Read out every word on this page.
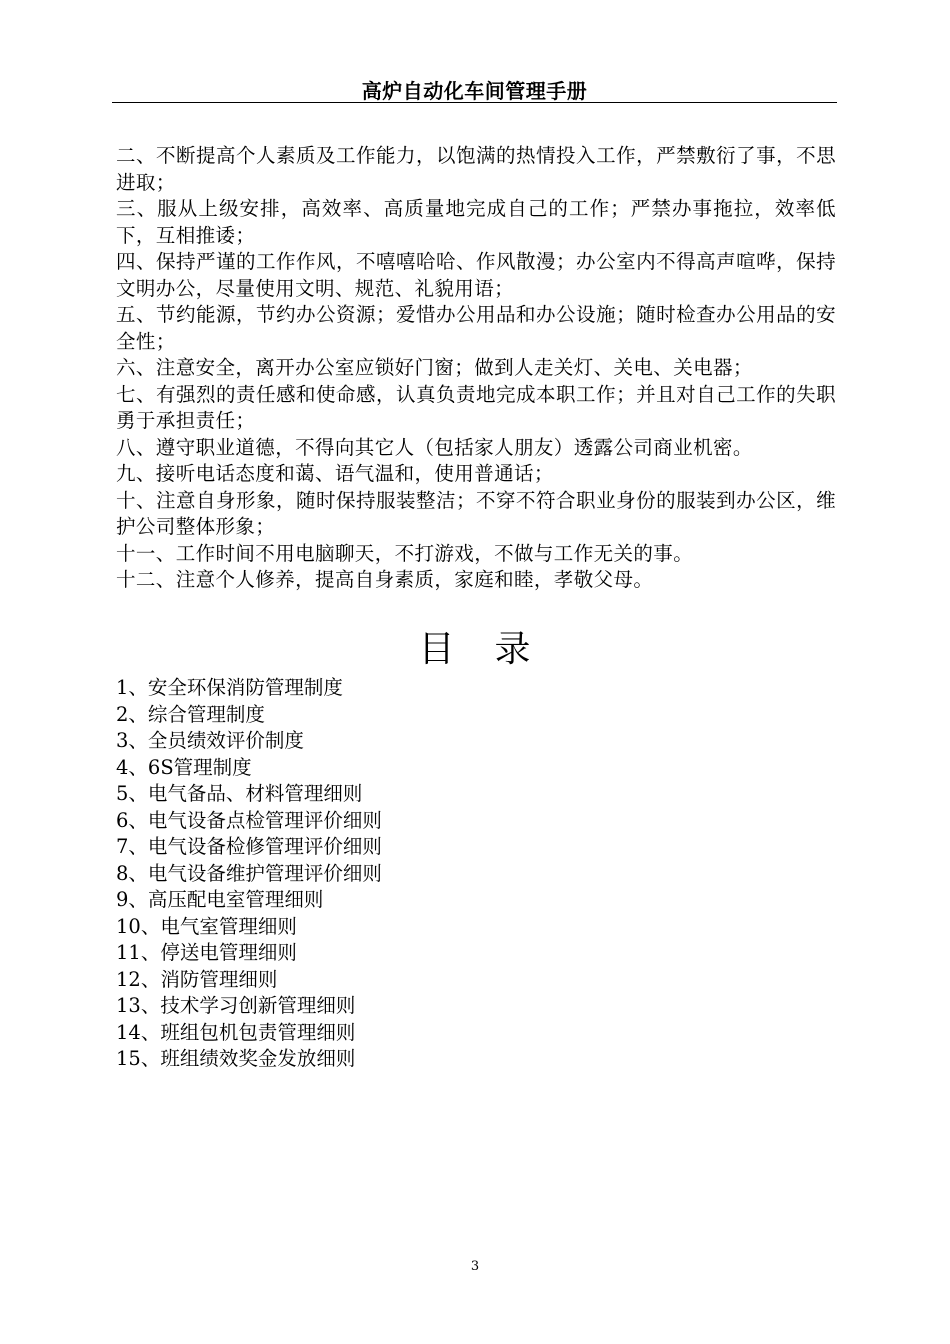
高炉自动化车间管理手册

二、不断提高个人素质及工作能力，以饱满的热情投入工作，严禁敷衍了事，不思进取；

三、服从上级安排，高效率、高质量地完成自己的工作；严禁办事拖拉，效率低下，互相推诿；

四、保持严谨的工作作风，不嘻嘻哈哈、作风散漫；办公室内不得高声喧哗，保持文明办公，尽量使用文明、规范、礼貌用语；

五、节约能源，节约办公资源；爱惜办公用品和办公设施；随时检查办公用品的安全性；

六、注意安全，离开办公室应锁好门窗；做到人走关灯、关电、关电器；

七、有强烈的责任感和使命感，认真负责地完成本职工作；并且对自己工作的失职勇于承担责任；

八、遵守职业道德，不得向其它人（包括家人朋友）透露公司商业机密。

九、接听电话态度和蔼、语气温和，使用普通话；

十、注意自身形象，随时保持服装整洁；不穿不符合职业身份的服装到办公区，维护公司整体形象；

十一、工作时间不用电脑聊天，不打游戏，不做与工作无关的事。

十二、注意个人修养，提高自身素质，家庭和睦，孝敬父母。

目录
1、安全环保消防管理制度
2、综合管理制度
3、全员绩效评价制度
4、6S管理制度
5、电气备品、材料管理细则
6、电气设备点检管理评价细则
7、电气设备检修管理评价细则
8、电气设备维护管理评价细则
9、高压配电室管理细则
10、电气室管理细则
11、停送电管理细则
12、消防管理细则
13、技术学习创新管理细则
14、班组包机包责管理细则
15、班组绩效奖金发放细则
3
